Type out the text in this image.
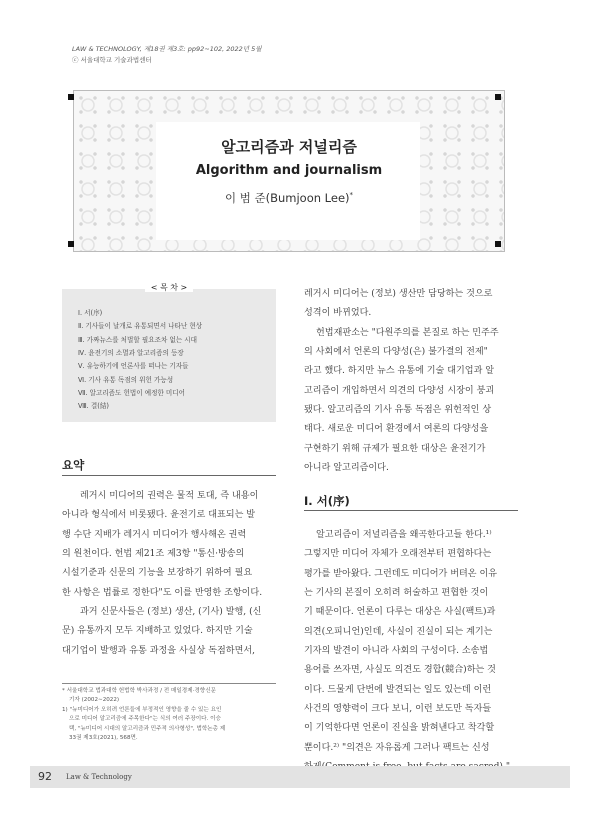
LAW & TECHNOLOGY, 제18권 제3호: pp92∼102, 2022년 5월
ⓒ 서울대학교 기술과법센터
알고리즘과 저널리즘
Algorithm and journalism
이 범 준(Bumjoon Lee)*
< 목 차 >
Ⅰ. 서(序)
Ⅱ. 기사들이 날개로 유통되면서 나타난 현상
Ⅲ. 가짜뉴스를 처벌할 필요조차 없는 시대
Ⅳ. 윤전기의 소멸과 알고리즘의 등장
Ⅴ. 유능하기에 언론사를 떠나는 기자들
Ⅵ. 기사 유통 독점의 위헌 가능성
Ⅶ. 알고리즘도 헌법이 예정한 미디어
Ⅷ. 결(結)
요약
레거시 미디어의 권력은 물적 토대, 즉 내용이
아니라 형식에서 비롯됐다. 윤전기로 대표되는 발
행 수단 지배가 레거시 미디어가 행사해온 권력
의 원천이다. 헌법 제21조 제3항 "통신·방송의
시설기준과 신문의 기능을 보장하기 위하여 필요
한 사항은 법률로 정한다"도 이를 반영한 조항이다.
과거 신문사들은 (정보) 생산, (기사) 발행, (신
문) 유통까지 모두 지배하고 있었다. 하지만 기술
대기업이 발행과 유통 과정을 사실상 독점하면서,
레거시 미디어는 (정보) 생산만 담당하는 것으로
성격이 바뀌었다.
헌법재판소는 "다원주의를 본질로 하는 민주주
의 사회에서 언론의 다양성(은) 불가결의 전제"
라고 했다. 하지만 뉴스 유통에 기술 대기업과 알
고리즘이 개입하면서 의견의 다양성 시장이 붕괴
됐다. 알고리즘의 기사 유통 독점은 위헌적인 상
태다. 새로운 미디어 환경에서 여론의 다양성을
구현하기 위해 규제가 필요한 대상은 윤전기가
아니라 알고리즘이다.
Ⅰ. 서(序)
알고리즘이 저널리즘을 왜곡한다고들 한다.¹⁾
그렇지만 미디어 자체가 오래전부터 편협하다는
평가를 받아왔다. 그런데도 미디어가 버텨온 이유
는 기사의 본질이 오히려 허술하고 편협한 것이
기 때문이다. 언론이 다루는 대상은 사실(팩트)과
의견(오피니언)인데, 사실이 진실이 되는 계기는
기자의 발견이 아니라 사회의 구성이다. 소송법
용어를 쓰자면, 사실도 의견도 경합(競合)하는 것
이다. 드물게 단번에 발견되는 일도 있는데 이런
사건의 영향력이 크다 보니, 이런 보도만 독자들
이 기억한다면 언론이 진실을 밝혀낸다고 착각할
뿐이다.²⁾ "의견은 자유롭게 그러나 팩트는 신성
* 서울대학교 법과대학 헌법학 박사과정 / 전 매일경제·경향신문
기자 (2002∼2022)
1) "뉴미디어가 오히려 언론들에 부정적인 영향을 줄 수 있는 요인
으로 미디어 알고리즘에 주목한다"는 식의 여러 주장이다. 이승
택, "뉴미디어 시대의 알고리즘과 민주적 의사형성", 법학논총 제
33권 제3호(2021), 568면.
92	Law & Technology
